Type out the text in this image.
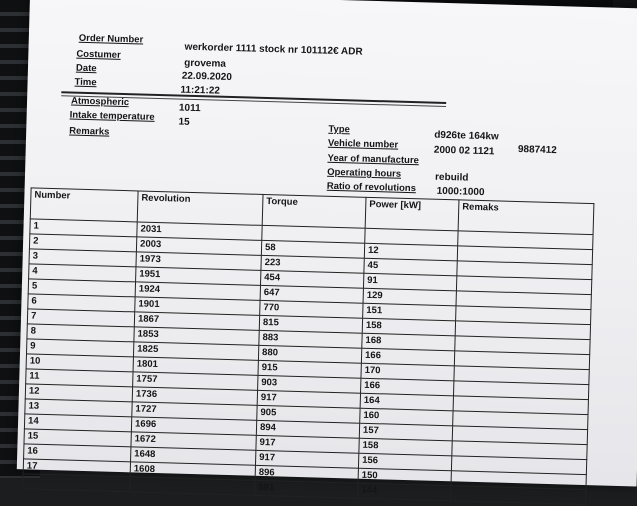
Order Number
werkorder 1111 stock nr 101112€ ADR
Costumer
grovema
Date
22.09.2020
Time
11:21:22
Atmospheric
1011
Intake temperature 15
Remarks	Type
d926te 164kw
Vehicle number
2000 02 1121 9887412
Year of manufacture
Operating hours	rebuild
Ratio of revolutions 1000:1000
Number	Revolution	Torque	Power [kW]	Remaks
1	2031			
2	2003	58	12	
3	1973	223	45	
4	1951	454	91	
5	1924	647	129	
6	1901	770	151	
7	1867	815	158	
8	1853	883	168	
9	1825	880	166	
10	1801	915	170	
11	1757	903	166	
12	1736	917	164	
13	1727	905	160	
14	1696	894	157	
15	1672	917	158	
16	1648	917	156	
17	1608	896	150	
		881	144	
